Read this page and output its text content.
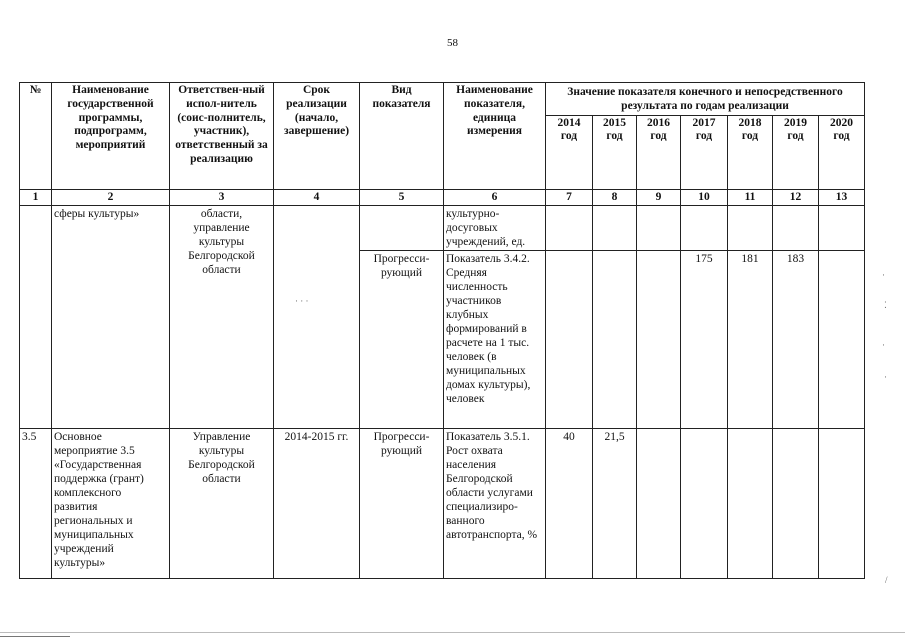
58
№	Наименование государственной программы, подпрограмм, мероприятий	Ответствен-ный испол-нитель (соис-полнитель, участник), ответственный за реализацию	Срок реализации (начало, завершение)	Вид показателя	Наименование показателя, единица измерения	Значение показателя конечного и непосредственного результата по годам реализации						
						2014 год	2015 год	2016 год	2017 год	2018 год	2019 год	2020 год
1	2	3	4	5	6	7	8	9	10	11	12	13
	сферы культуры»	области, управление культуры Белгородской области			культурно-досуговых учреждений, ед.							
				Прогресси-рующий	Показатель 3.4.2. Средняя численность участников клубных формирований в расчете на 1 тыс. человек (в муниципальных домах культуры), человек				175	181	183	
3.5	Основное мероприятие 3.5 «Государственная поддержка (грант) комплексного развития региональных и муниципальных учреждений культуры»	Управление культуры Белгородской области	2014-2015 гг.	Прогресси-рующий	Показатель 3.5.1. Рост охвата населения Белгородской области услугами специализиро-ванного автотранспорта, %	40	21,5					
·
⁚
·
·
· · ·
/
